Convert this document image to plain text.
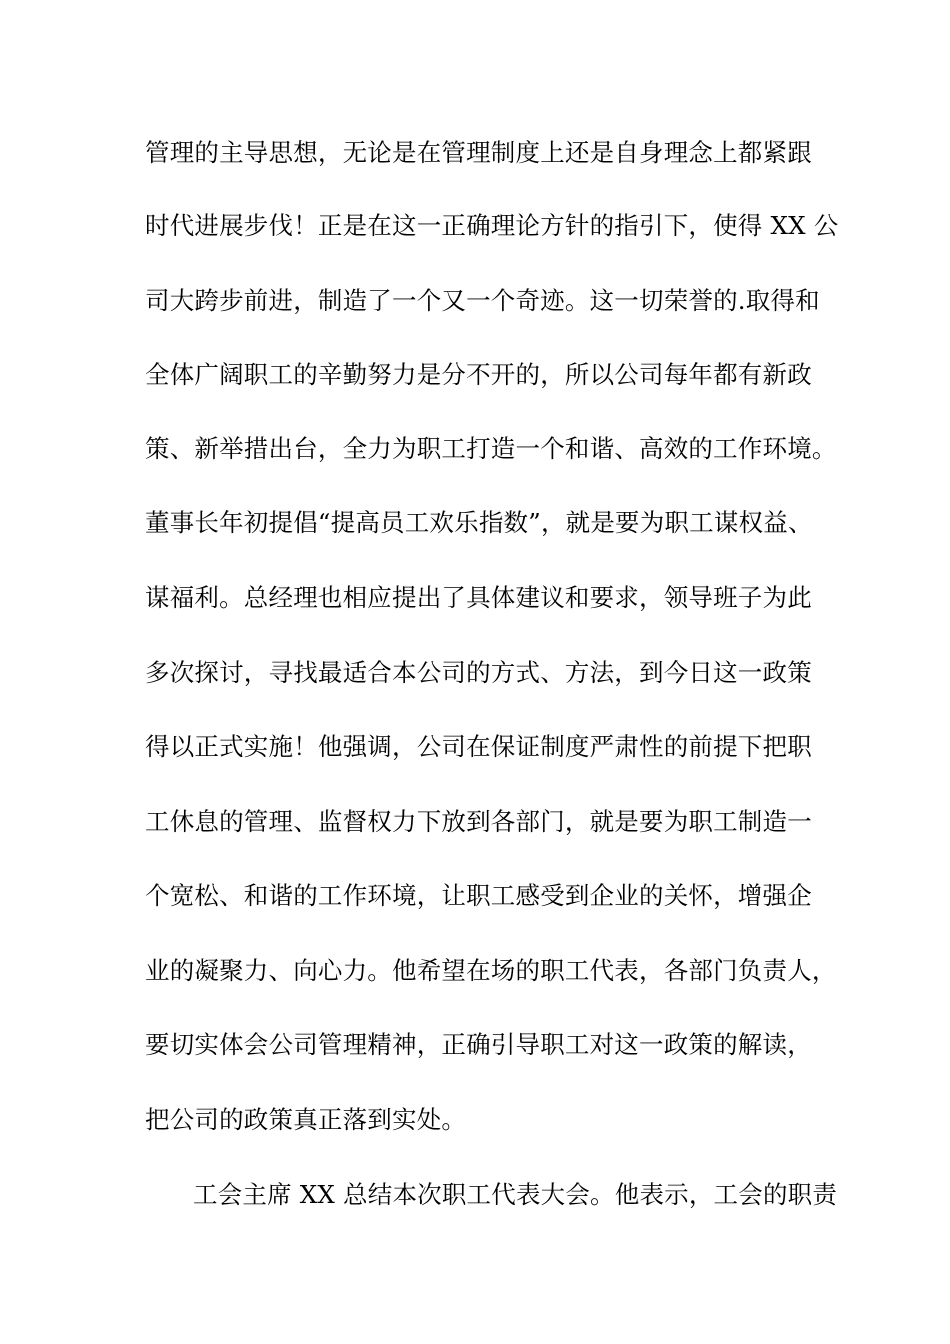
管理的主导思想，无论是在管理制度上还是自身理念上都紧跟
时代进展步伐！正是在这一正确理论方针的指引下，使得 XX 公
司大跨步前进，制造了一个又一个奇迹。这一切荣誉的.取得和
全体广阔职工的辛勤努力是分不开的，所以公司每年都有新政
策、新举措出台，全力为职工打造一个和谐、高效的工作环境。
董事长年初提倡“提高员工欢乐指数”，就是要为职工谋权益、
谋福利。总经理也相应提出了具体建议和要求，领导班子为此
多次探讨，寻找最适合本公司的方式、方法，到今日这一政策
得以正式实施！他强调，公司在保证制度严肃性的前提下把职
工休息的管理、监督权力下放到各部门，就是要为职工制造一
个宽松、和谐的工作环境，让职工感受到企业的关怀，增强企
业的凝聚力、向心力。他希望在场的职工代表，各部门负责人，
要切实体会公司管理精神，正确引导职工对这一政策的解读，
把公司的政策真正落到实处。
工会主席 XX 总结本次职工代表大会。他表示，工会的职责
